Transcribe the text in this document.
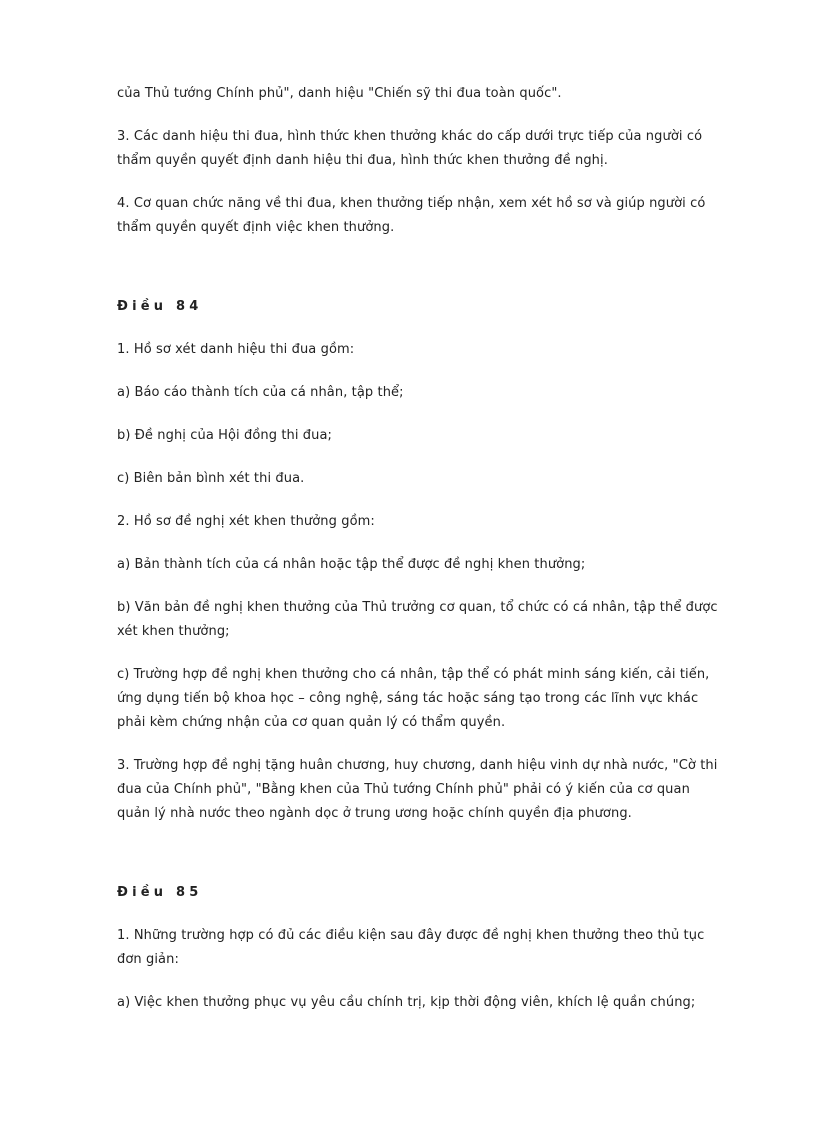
của Thủ tướng Chính phủ", danh hiệu "Chiến sỹ thi đua toàn quốc".

3. Các danh hiệu thi đua, hình thức khen thưởng khác do cấp dưới trực tiếp của người có thẩm quyền quyết định danh hiệu thi đua, hình thức khen thưởng đề nghị.

4. Cơ quan chức năng về thi đua, khen thưởng tiếp nhận, xem xét hồ sơ và giúp người có thẩm quyền quyết định việc khen thưởng.

Điều 84

1. Hồ sơ xét danh hiệu thi đua gồm:

a) Báo cáo thành tích của cá nhân, tập thể;

b) Đề nghị của Hội đồng thi đua;

c) Biên bản bình xét thi đua.

2. Hồ sơ đề nghị xét khen thưởng gồm:

a) Bản thành tích của cá nhân hoặc tập thể được đề nghị khen thưởng;

b) Văn bản đề nghị khen thưởng của Thủ trưởng cơ quan, tổ chức có cá nhân, tập thể được xét khen thưởng;

c) Trường hợp đề nghị khen thưởng cho cá nhân, tập thể có phát minh sáng kiến, cải tiến, ứng dụng tiến bộ khoa học – công nghệ, sáng tác hoặc sáng tạo trong các lĩnh vực khác phải kèm chứng nhận của cơ quan quản lý có thẩm quyền.

3. Trường hợp đề nghị tặng huân chương, huy chương, danh hiệu vinh dự nhà nước, "Cờ thi đua của Chính phủ", "Bằng khen của Thủ tướng Chính phủ" phải có ý kiến của cơ quan quản lý nhà nước theo ngành dọc ở trung ương hoặc chính quyền địa phương.

Điều 85

1. Những trường hợp có đủ các điều kiện sau đây được đề nghị khen thưởng theo thủ tục đơn giản:

a) Việc khen thưởng phục vụ yêu cầu chính trị, kịp thời động viên, khích lệ quần chúng;
